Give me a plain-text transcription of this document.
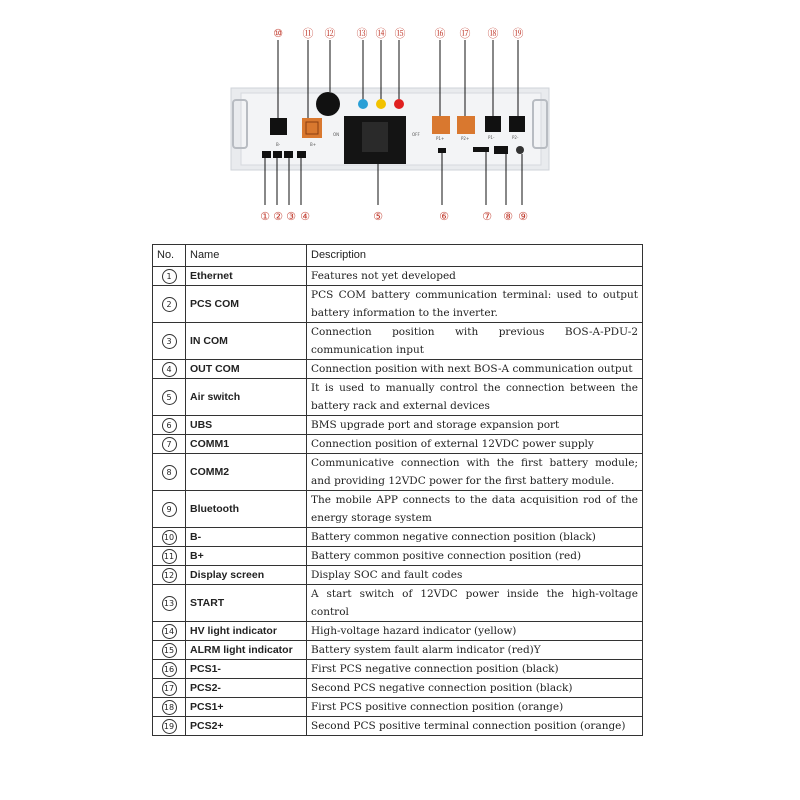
B-	B+
ON	OFF
P1+	P2+	P1-	P2-
⑩ ⑪ ⑫ ⑬ ⑭ ⑮	⑯ ⑰ ⑱ ⑲
① ② ③ ④	⑤	⑥	⑦ ⑧ ⑨
No.	Name	Description
1	Ethernet	Features not yet developed
2	PCS COM	PCS COM battery communication terminal: used to output battery information to the inverter.
3	IN COM	Connection position with previous BOS-A-PDU-2 communication input
4	OUT COM	Connection position with next BOS-A communication output
5	Air switch	It is used to manually control the connection between the battery rack and external devices
6	UBS	BMS upgrade port and storage expansion port
7	COMM1	Connection position of external 12VDC power supply
8	COMM2	Communicative connection with the first battery module; and providing 12VDC power for the first battery module.
9	Bluetooth	The mobile APP connects to the data acquisition rod of the energy storage system
10	B-	Battery common negative connection position (black)
11	B+	Battery common positive connection position (red)
12	Display screen	Display SOC and fault codes
13	START	A start switch of 12VDC power inside the high-voltage control
14	HV light indicator	High-voltage hazard indicator (yellow)
15	ALRM light indicator	Battery system fault alarm indicator (red)Y
16	PCS1-	First PCS negative connection position (black)
17	PCS2-	Second PCS negative connection position (black)
18	PCS1+	First PCS positive connection position (orange)
19	PCS2+	Second PCS positive terminal connection position (orange)
